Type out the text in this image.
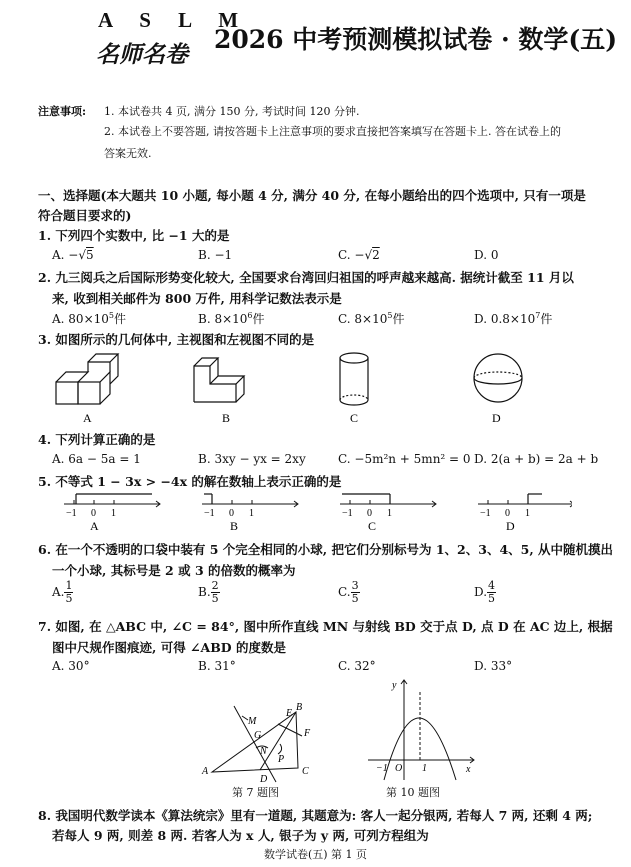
A S L M
名师名卷
2026 中考预测模拟试卷 · 数学(五)
注意事项: 1. 本试卷共 4 页, 满分 150 分, 考试时间 120 分钟.
2. 本试卷上不要答题, 请按答题卡上注意事项的要求直接把答案填写在答题卡上. 答在试卷上的
答案无效.
一、选择题(本大题共 10 小题, 每小题 4 分, 满分 40 分, 在每小题给出的四个选项中, 只有一项是
符合题目要求的)
1. 下列四个实数中, 比 −1 大的是
A. −√5	B. −1	C. −√2	D. 0
2. 九三阅兵之后国际形势变化较大, 全国要求台湾回归祖国的呼声越来越高. 据统计截至 11 月以
来, 收到相关邮件为 800 万件, 用科学记数法表示是
A. $80\times 10^5$件	B. $8\times 10^6$件	C. $8\times 10^5$件	D. $0.8\times 10^7$件
3. 如图所示的几何体中, 主视图和左视图不同的是
A	B	C	D
4. 下列计算正确的是
A. 6a − 5a = 1	B. 3xy − yx = 2xy	C. −5m²n + 5mn² = 0 D. 2(a + b) = 2a + b
5. 不等式 1 − 3x > −4x 的解在数轴上表示正确的是
−1 0 1	−1 0 1	−1 0 1	−1 0 1
A	B	C	D
6. 在一个不透明的口袋中装有 5 个完全相同的小球, 把它们分别标号为 1、2、3、4、5, 从中随机摸出
一个小球, 其标号是 2 或 3 的倍数的概率为
A. $\frac{1}{5}$	B. $\frac{2}{5}$	C. $\frac{3}{5}$	D. $\frac{4}{5}$
7. 如图, 在 △ABC 中, ∠C = 84°, 图中所作直线 MN 与射线 BD 交于点 D, 点 D 在 AC 边上, 根据
图中尺规作图痕迹, 可得 ∠ABD 的度数是
A. 30°	B. 31°	C. 32°	D. 33°
A
B
C
D
E
F
G
M
N
P
第 7 题图
y
x
O
−1	1
第 10 题图
8. 我国明代数学读本《算法统宗》里有一道题, 其题意为: 客人一起分银两, 若每人 7 两, 还剩 4 两;
若每人 9 两, 则差 8 两. 若客人为 x 人, 银子为 y 两, 可列方程组为
数学试卷(五) 第 1 页
